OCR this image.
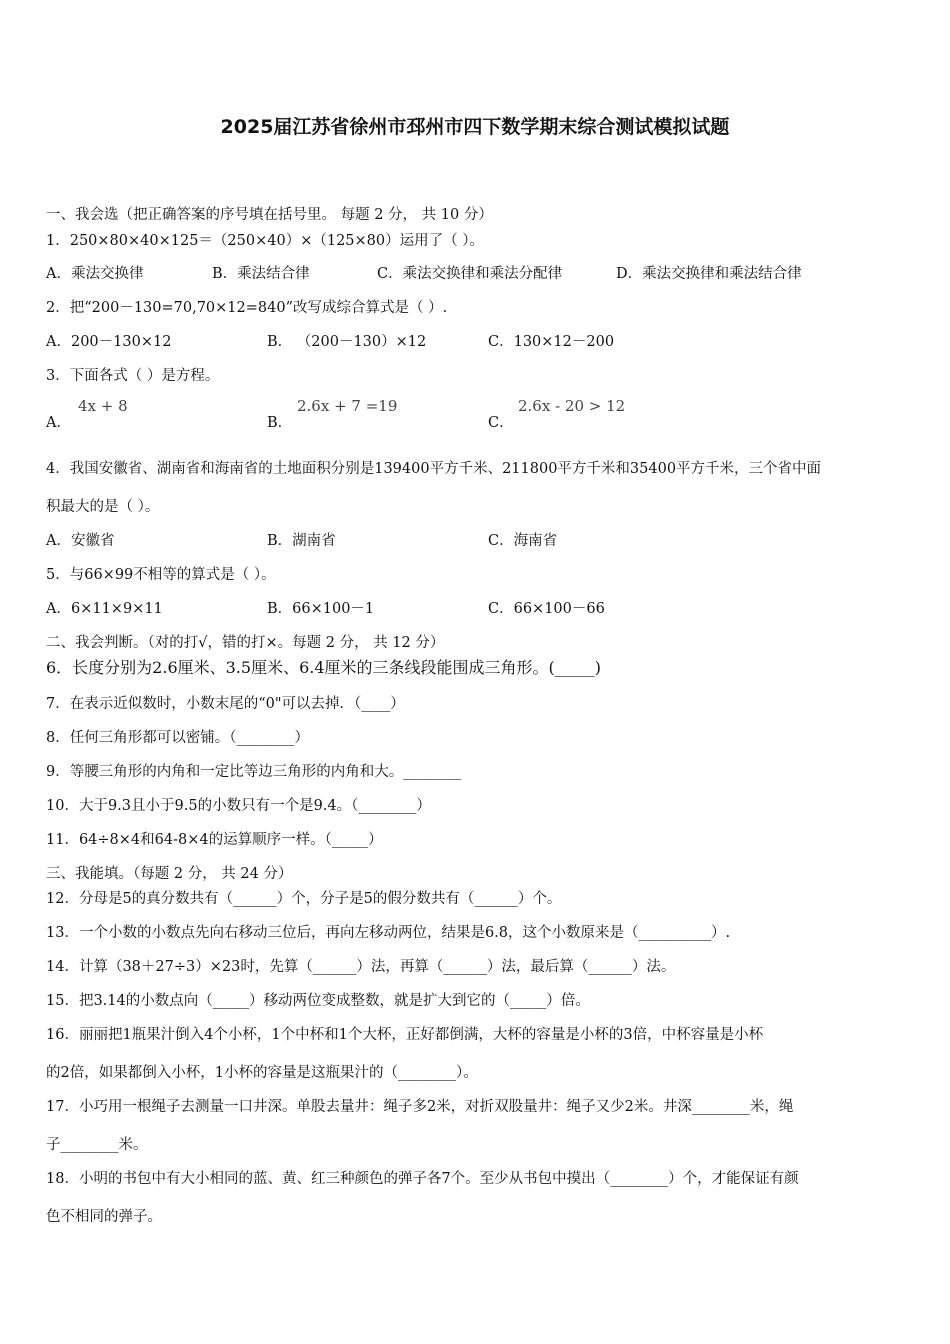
2025届江苏省徐州市邳州市四下数学期末综合测试模拟试题
一、我会选（把正确答案的序号填在括号里。 每题 2 分， 共 10 分）
1．250×80×40×125＝（250×40）×（125×80）运用了（ ）。
A．乘法交换律	B．乘法结合律	C．乘法交换律和乘法分配律	D．乘法交换律和乘法结合律
2．把“200－130=70,70×12=840”改写成综合算式是（ ）.
A．200－130×12	B． （200－130）×12	C．130×12－200
3．下面各式（ ）是方程。
A．
4x + 8
B．
2.6x + 7 =19
C．
2.6x - 20 > 12
4．我国安徽省、湖南省和海南省的土地面积分别是139400平方千米、211800平方千米和35400平方千米，三个省中面
积最大的是（ ）。
A．安徽省	B．湖南省	C．海南省
5．与66×99不相等的算式是（ ）。
A．6×11×9×11	B．66×100－1	C．66×100－66
二、我会判断。（对的打√，错的打×。每题 2 分， 共 12 分）
6．长度分别为2.6厘米、3.5厘米、6.4厘米的三条线段能围成三角形。(_____)
7．在表示近似数时，小数末尾的“0"可以去掉．（____）
8．任何三角形都可以密铺。（________）
9．等腰三角形的内角和一定比等边三角形的内角和大。________
10．大于9.3且小于9.5的小数只有一个是9.4。（________）
11．64÷8×4和64-8×4的运算顺序一样。（_____）
三、我能填。（每题 2 分， 共 24 分）
12．分母是5的真分数共有（______）个，分子是5的假分数共有（______）个。
13．一个小数的小数点先向右移动三位后，再向左移动两位，结果是6.8，这个小数原来是（__________）.
14．计算（38＋27÷3）×23时，先算（______）法，再算（______）法，最后算（______）法。
15．把3.14的小数点向（_____）移动两位变成整数，就是扩大到它的（_____）倍。
16．丽丽把1瓶果汁倒入4个小杯，1个中杯和1个大杯，正好都倒满，大杯的容量是小杯的3倍，中杯容量是小杯
的2倍，如果都倒入小杯，1小杯的容量是这瓶果汁的（________）。
17．小巧用一根绳子去测量一口井深。单股去量井：绳子多2米，对折双股量井：绳子又少2米。井深________米，绳
子________米。
18．小明的书包中有大小相同的蓝、黄、红三种颜色的弹子各7个。至少从书包中摸出（________）个，才能保证有颜
色不相同的弹子。
